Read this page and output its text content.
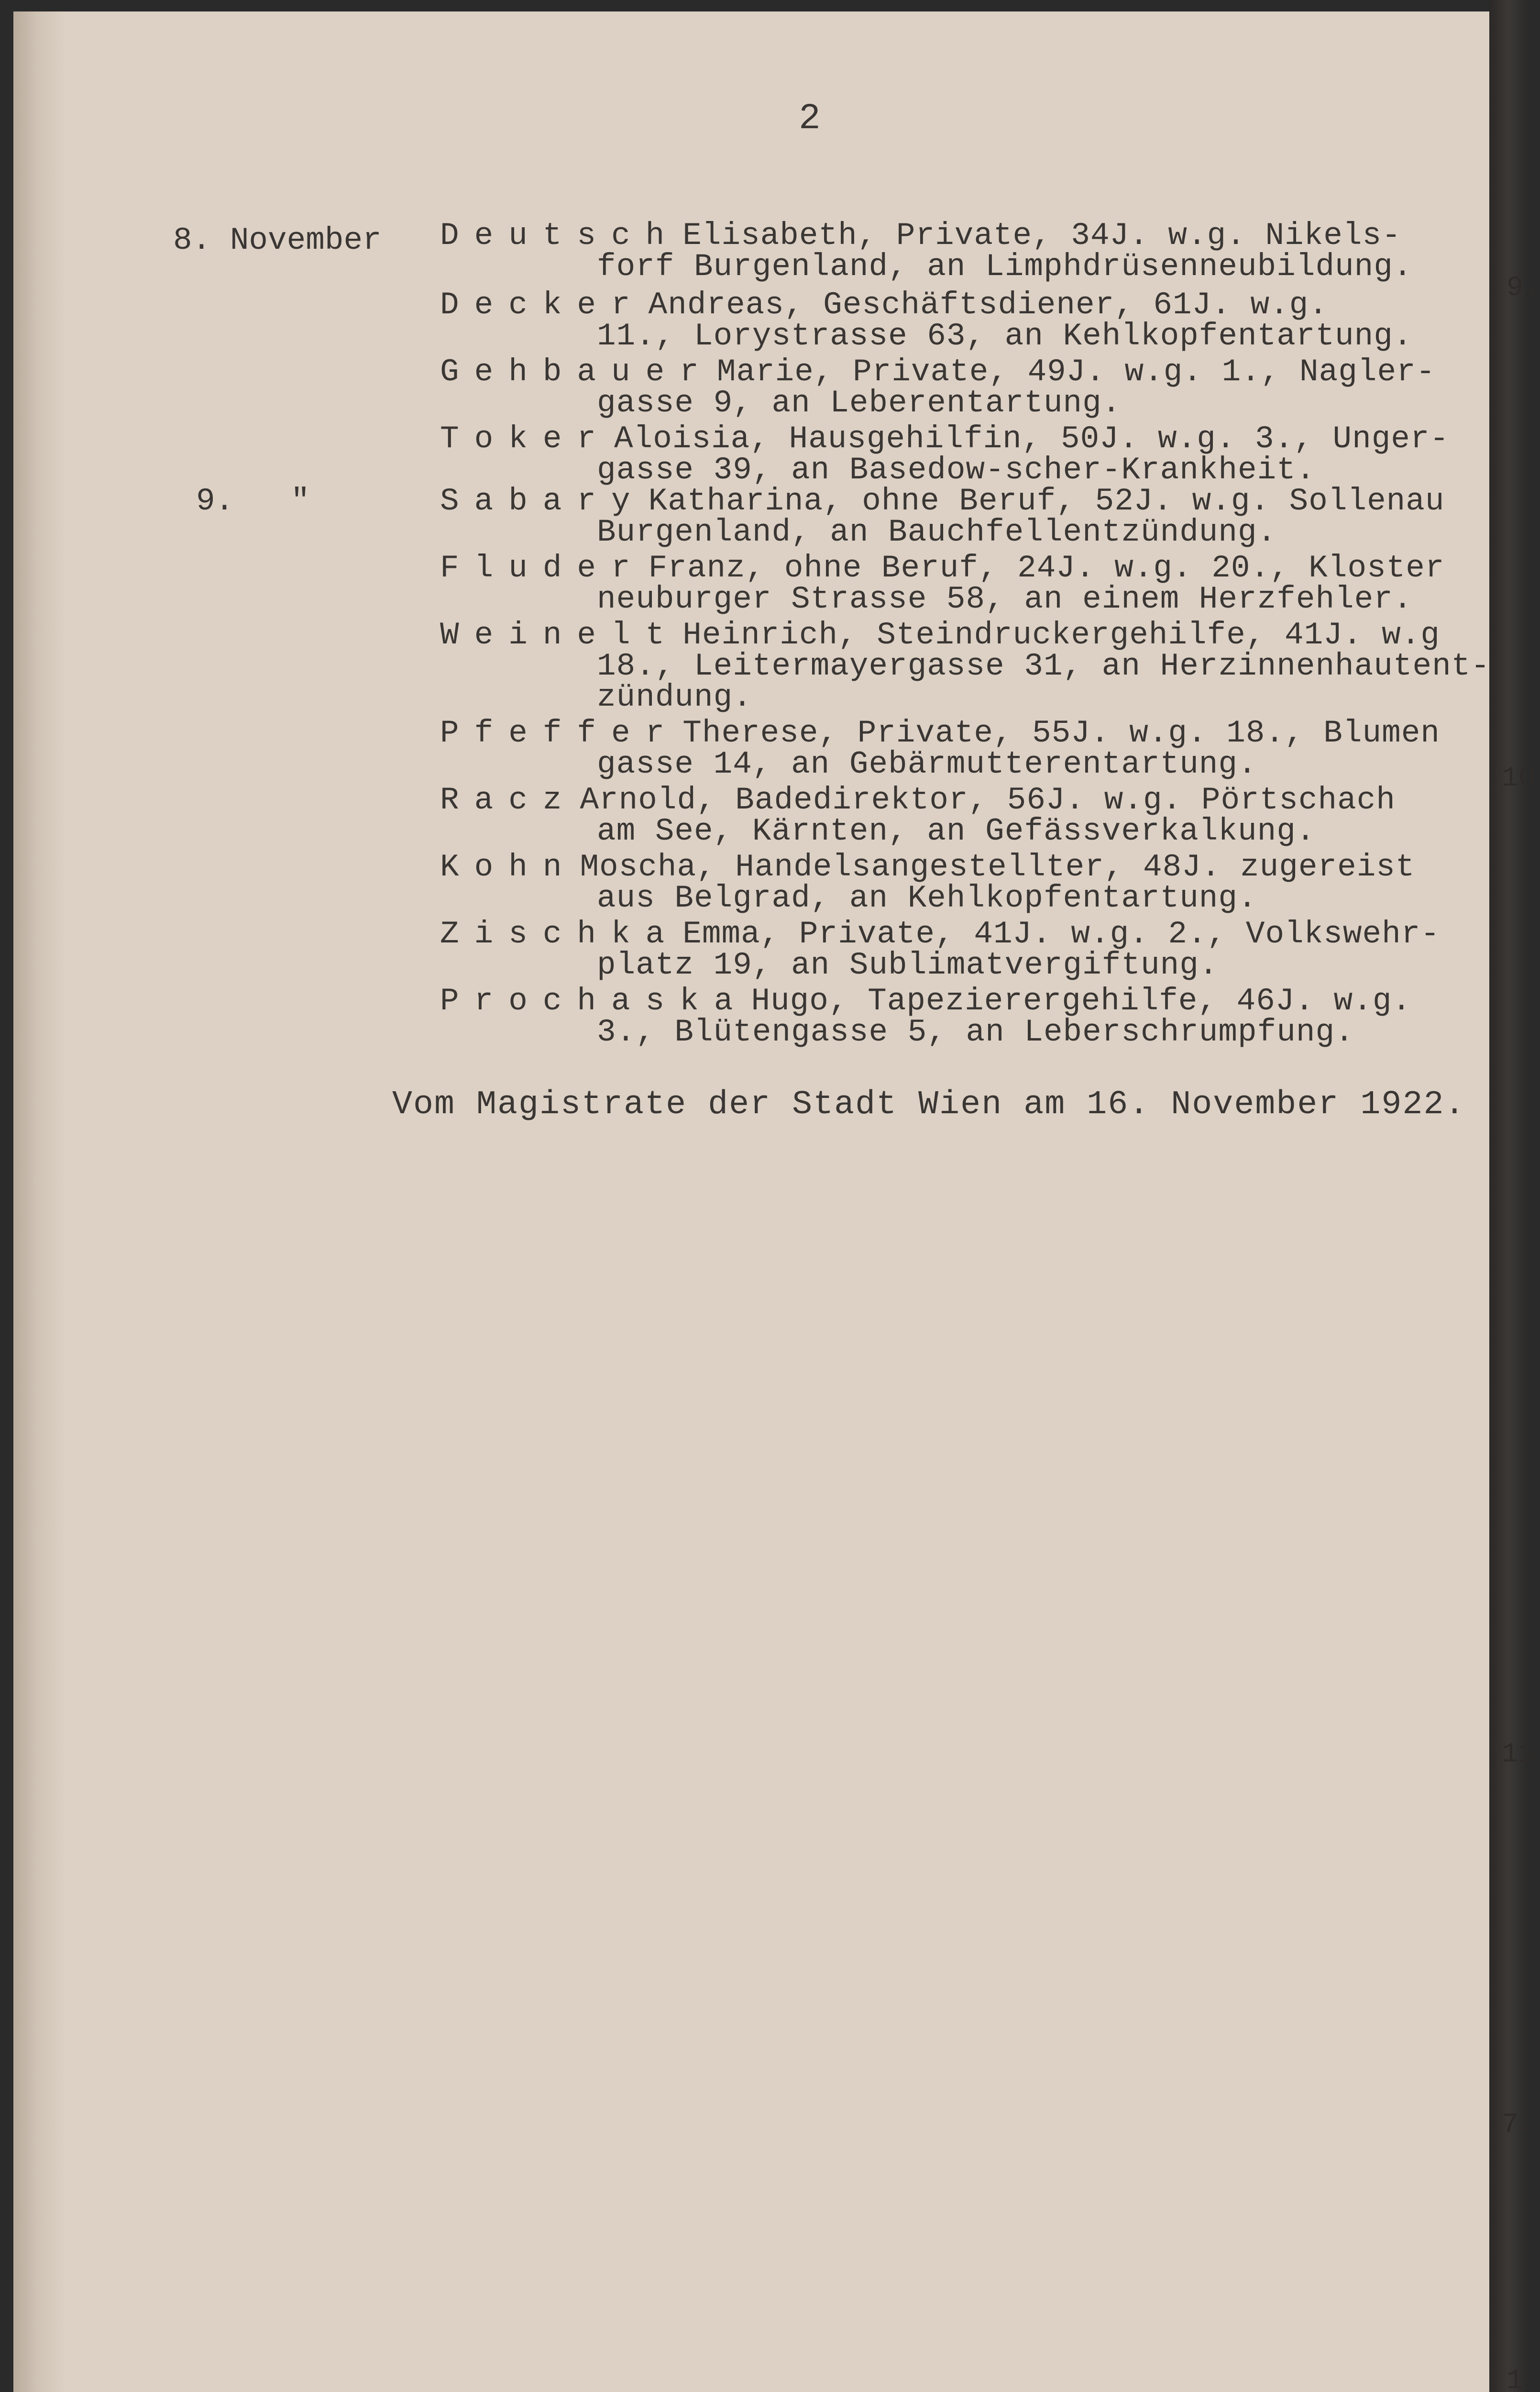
2
8. November
9.   "
DeutschElisabeth, Private, 34J. w.g. Nikels-
forf Burgenland, an Limphdrüsenneubildung.
DeckerAndreas, Geschäftsdiener, 61J. w.g.
11., Lorystrasse 63, an Kehlkopfentartung.
GehbauerMarie, Private, 49J. w.g. 1., Nagler-
gasse 9, an Leberentartung.
TokerAloisia, Hausgehilfin, 50J. w.g. 3., Unger-
gasse 39, an Basedow-scher-Krankheit.
SabaryKatharina, ohne Beruf, 52J. w.g. Sollenau
Burgenland, an Bauchfellentzündung.
FluderFranz, ohne Beruf, 24J. w.g. 20., Kloster
neuburger Strasse 58, an einem Herzfehler.
WeineltHeinrich, Steindruckergehilfe, 41J. w.g
18., Leitermayergasse 31, an Herzinnenhautent-
zündung.
PfefferTherese, Private, 55J. w.g. 18., Blumen
gasse 14, an Gebärmutterentartung.
RaczArnold, Badedirektor, 56J. w.g. Pörtschach
am See, Kärnten, an Gefässverkalkung.
KohnMoscha, Handelsangestellter, 48J. zugereist
aus Belgrad, an Kehlkopfentartung.
ZischkaEmma, Private, 41J. w.g. 2., Volkswehr-
platz 19, an Sublimatvergiftung.
ProchaskaHugo, Tapezierergehilfe, 46J. w.g.
3., Blütengasse 5, an Leberschrumpfung.
Vom Magistrate der Stadt Wien am 16. November 1922.
9.
10
11
7.
1
